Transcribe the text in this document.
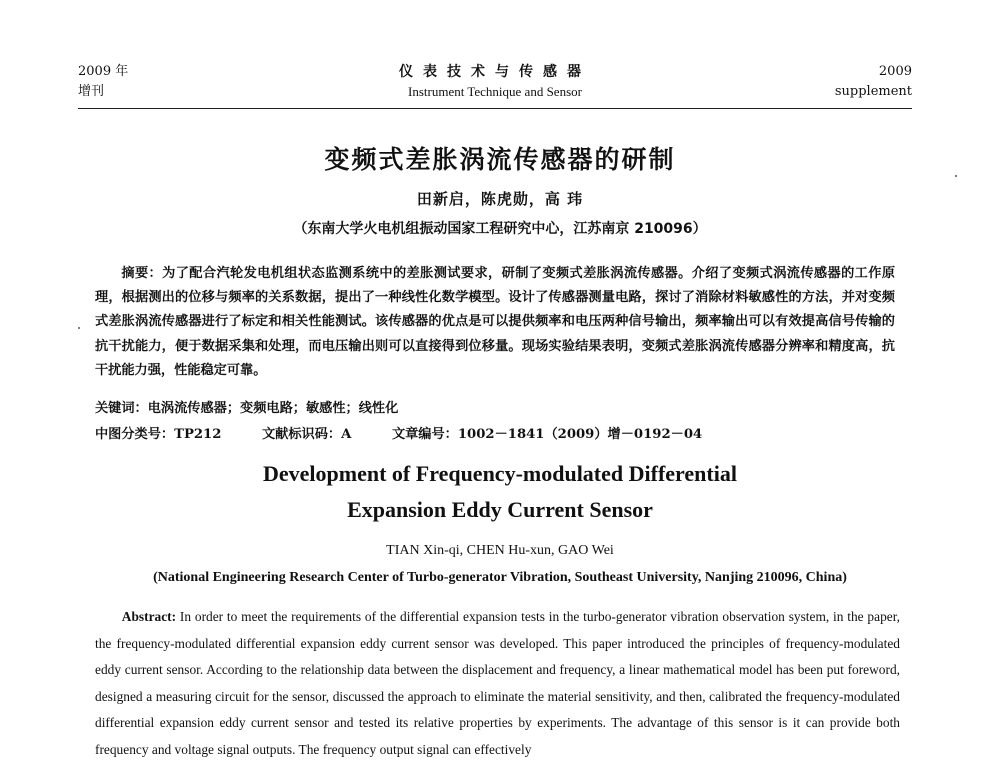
2009 年
增刊
仪表技术与传感器
Instrument Technique and Sensor
2009
supplement
变频式差胀涡流传感器的研制
田新启，陈虎勋，高 玮
（东南大学火电机组振动国家工程研究中心，江苏南京 210096）
摘要：为了配合汽轮发电机组状态监测系统中的差胀测试要求，研制了变频式差胀涡流传感器。介绍了变频式涡流传感器的工作原理，根据测出的位移与频率的关系数据，提出了一种线性化数学模型。设计了传感器测量电路，探讨了消除材料敏感性的方法，并对变频式差胀涡流传感器进行了标定和相关性能测试。该传感器的优点是可以提供频率和电压两种信号输出，频率输出可以有效提高信号传输的抗干扰能力，便于数据采集和处理，而电压输出则可以直接得到位移量。现场实验结果表明，变频式差胀涡流传感器分辨率和精度高，抗干扰能力强，性能稳定可靠。
关键词：电涡流传感器；变频电路；敏感性；线性化
中图分类号：TP212	文献标识码：A	文章编号：1002－1841（2009）增－0192－04
Development of Frequency-modulated Differential
Expansion Eddy Current Sensor
TIAN Xin-qi, CHEN Hu-xun, GAO Wei
(National Engineering Research Center of Turbo-generator Vibration, Southeast University, Nanjing 210096, China)
Abstract: In order to meet the requirements of the differential expansion tests in the turbo-generator vibration observation system, in the paper, the frequency-modulated differential expansion eddy current sensor was developed. This paper introduced the principles of frequency-modulated eddy current sensor. According to the relationship data between the displacement and frequency, a linear mathematical model has been put foreword, designed a measuring circuit for the sensor, discussed the approach to eliminate the material sensitivity, and then, calibrated the frequency-modulated differential expansion eddy current sensor and tested its relative properties by experiments. The advantage of this sensor is it can provide both frequency and voltage signal outputs. The frequency output signal can effectively
